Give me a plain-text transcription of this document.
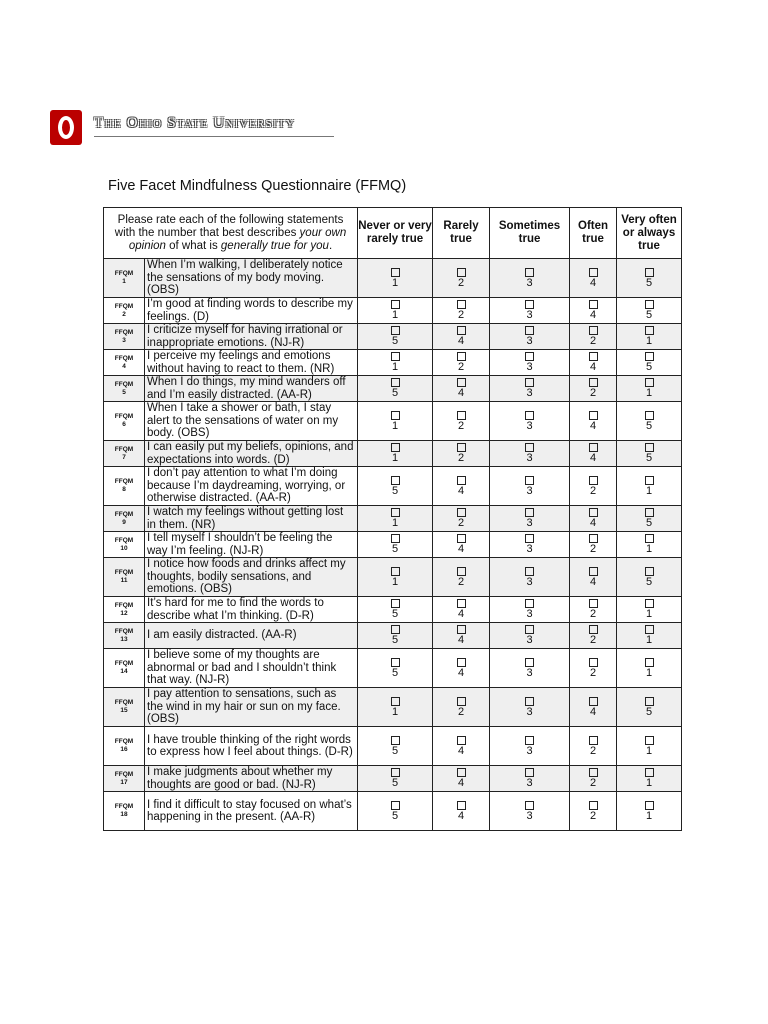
The Ohio State University
Five Facet Mindfulness Questionnaire (FFMQ)
Please rate each of the following statements with the number that best describes your own opinion of what is generally true for you.		Never or very rarely true	Rarely true	Sometimes true	Often true	Very often or always true

FFQM
1	When I’m walking, I deliberately notice the sensations of my body moving. (OBS)	1	2	3	4	5

FFQM
2	I’m good at finding words to describe my feelings. (D)	1	2	3	4	5

FFQM
3	I criticize myself for having irrational or inappropriate emotions. (NJ-R)	5	4	3	2	1

FFQM
4	I perceive my feelings and emotions without having to react to them. (NR)	1	2	3	4	5

FFQM
5	When I do things, my mind wanders off and I’m easily distracted. (AA-R)	5	4	3	2	1

FFQM
6	When I take a shower or bath, I stay alert to the sensations of water on my body. (OBS)	1	2	3	4	5

FFQM
7	I can easily put my beliefs, opinions, and expectations into words. (D)	1	2	3	4	5

FFQM
8	I don’t pay attention to what I’m doing because I’m daydreaming, worrying, or otherwise distracted. (AA-R)	5	4	3	2	1

FFQM
9	I watch my feelings without getting lost in them. (NR)	1	2	3	4	5

FFQM
10	I tell myself I shouldn’t be feeling the way I’m feeling. (NJ-R)	5	4	3	2	1

FFQM
11	I notice how foods and drinks affect my thoughts, bodily sensations, and emotions. (OBS)	1	2	3	4	5

FFQM
12	It’s hard for me to find the words to describe what I’m thinking. (D-R)	5	4	3	2	1

FFQM
13	I am easily distracted. (AA-R)	5	4	3	2	1

FFQM
14	I believe some of my thoughts are abnormal or bad and I shouldn’t think that way. (NJ-R)	5	4	3	2	1

FFQM
15	I pay attention to sensations, such as the wind in my hair or sun on my face. (OBS)	1	2	3	4	5

FFQM
16	I have trouble thinking of the right words to express how I feel about things. (D-R)	5	4	3	2	1

FFQM
17	I make judgments about whether my thoughts are good or bad. (NJ-R)	5	4	3	2	1

FFQM
18	I find it difficult to stay focused on what’s happening in the present. (AA-R)	5	4	3	2	1
